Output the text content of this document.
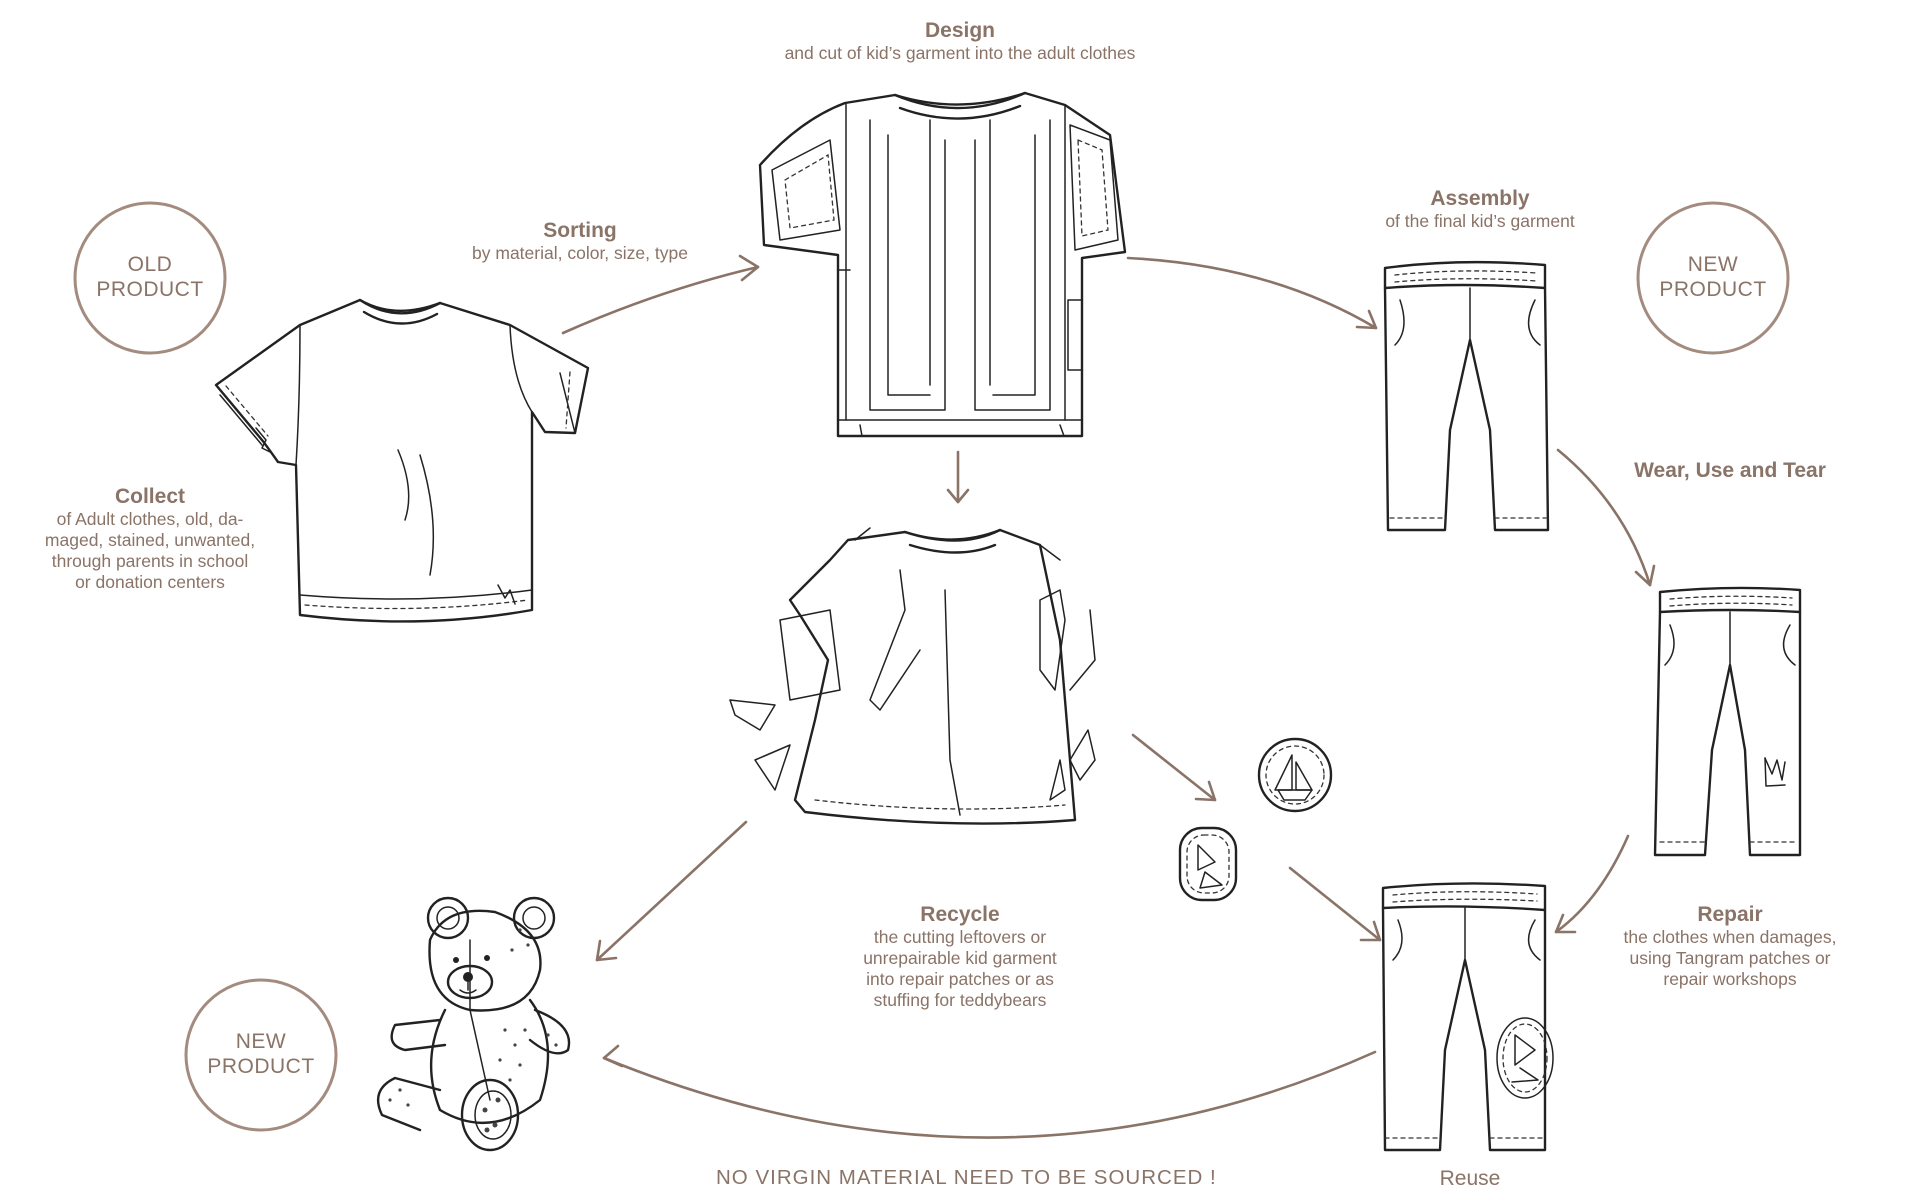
OLD
PRODUCT
NEW
PRODUCT
NEW
PRODUCT
Design
and cut of kid’s garment into the adult clothes
Sorting
by material, color, size, type
Assembly
of the final kid’s garment
Collect
of Adult clothes, old, da-
maged, stained, unwanted,
through parents in school
or donation centers
Wear, Use and Tear
Recycle
the cutting leftovers or
unrepairable kid garment
into repair patches or as
stuffing for teddybears
Repair
the clothes when damages,
using Tangram patches or
repair workshops
Reuse
NO VIRGIN MATERIAL NEED TO BE SOURCED !
